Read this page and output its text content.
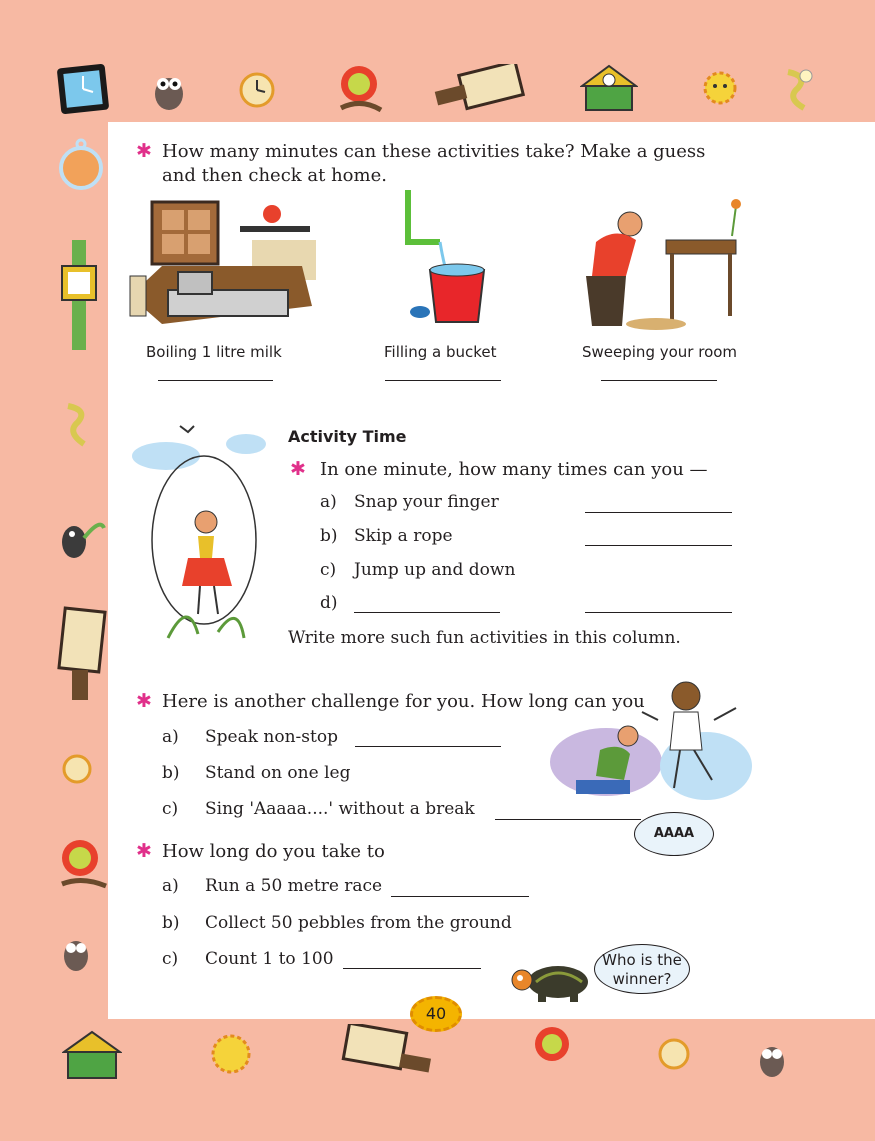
✱ How many minutes can these activities take? Make a guess
and then check at home.
Boiling 1 litre milk	Filling a bucket	Sweeping your room
Activity Time
✱ In one minute, how many times can you —
a) Snap your finger
b) Skip a rope
c) Jump up and down
d)
Write more such fun activities in this column.
✱ Here is another challenge for you. How long can you
a) Speak non-stop
b) Stand on one leg
c) Sing 'Aaaaa....' without a break
AAAA
✱ How long do you take to
a) Run a 50 metre race
b) Collect 50 pebbles from the ground
c) Count 1 to 100	Who is the
winner?
40
